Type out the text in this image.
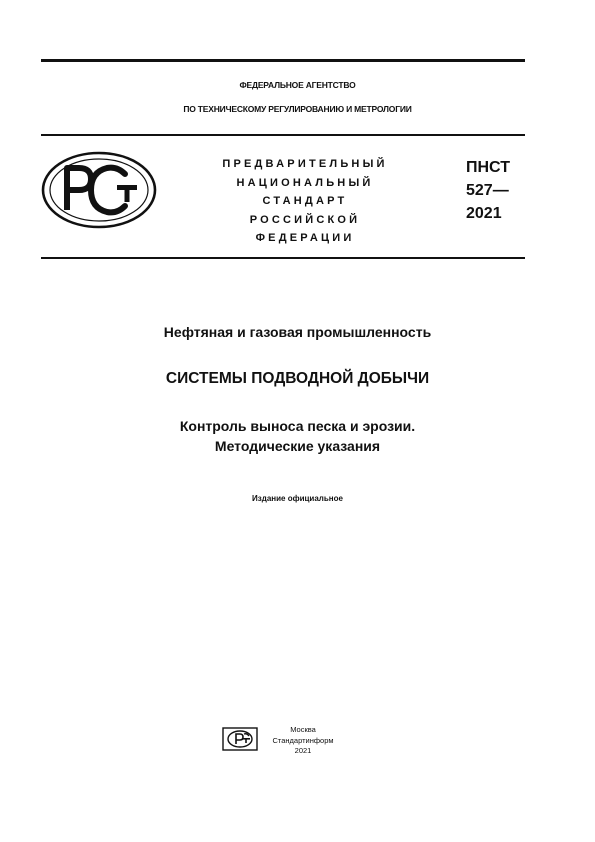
ФЕДЕРАЛЬНОЕ АГЕНТСТВО
ПО ТЕХНИЧЕСКОМУ РЕГУЛИРОВАНИЮ И МЕТРОЛОГИИ
ПРЕДВАРИТЕЛЬНЫЙ
НАЦИОНАЛЬНЫЙ
СТАНДАРТ
РОССИЙСКОЙ
ФЕДЕРАЦИИ
ПНСТ
527—
2021
Нефтяная и газовая промышленность
СИСТЕМЫ ПОДВОДНОЙ ДОБЫЧИ
Контроль выноса песка и эрозии.
Методические указания
Издание официальное
Москва
Стандартинформ
2021
